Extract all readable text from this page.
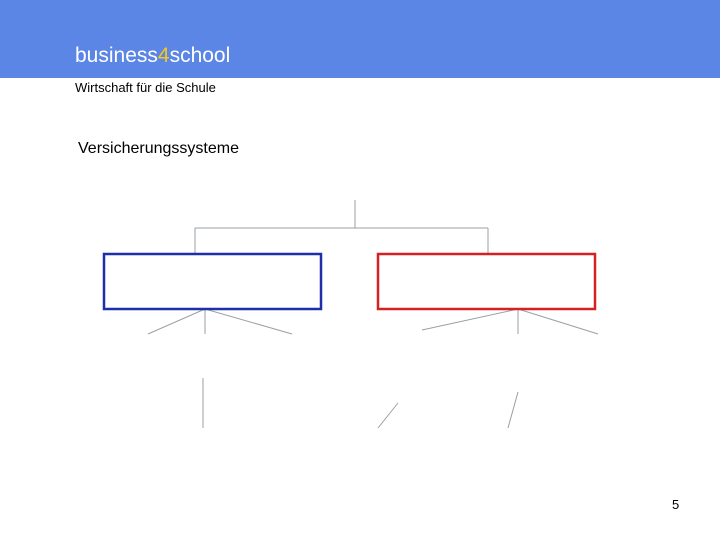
business4school
Wirtschaft für die Schule
Versicherungssysteme
5
